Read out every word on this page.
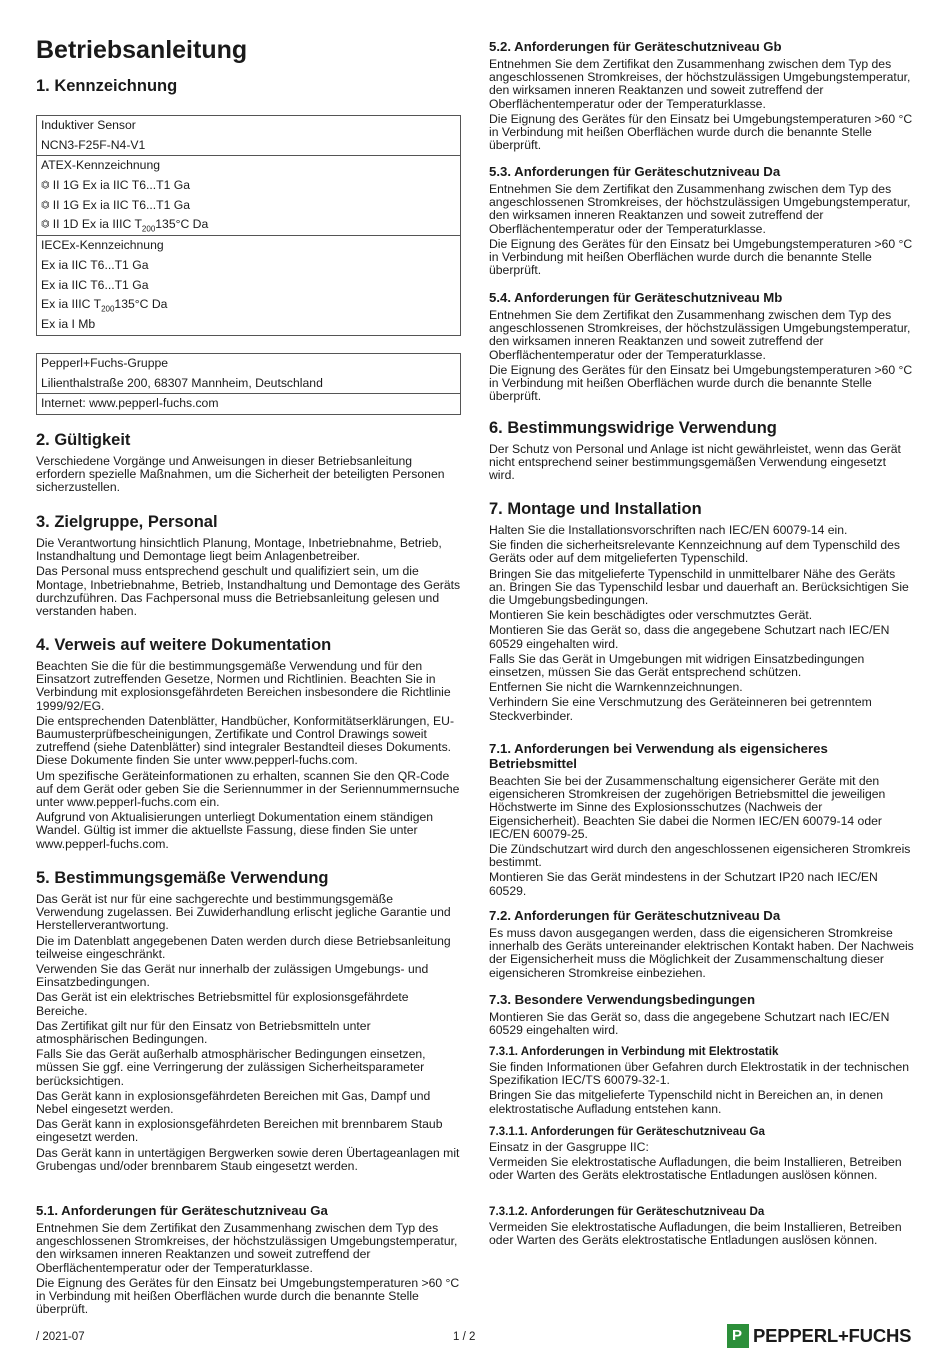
Betriebsanleitung
1. Kennzeichnung
Induktiver Sensor
NCN3-F25F-N4-V1
ATEX-Kennzeichnung
⏣ II 1G Ex ia IIC T6...T1 Ga
⏣ II 1G Ex ia IIC T6...T1 Ga
⏣ II 1D Ex ia IIIC $T_{200}135^\circ C$ Da
IECEx-Kennzeichnung
Ex ia IIC T6...T1 Ga
Ex ia IIC T6...T1 Ga
Ex ia IIIC $T_{200}135^\circ C$ Da
Ex ia I Mb
Pepperl+Fuchs-Gruppe
Lilienthalstraße 200, 68307 Mannheim, Deutschland
Internet: www.pepperl-fuchs.com
2. Gültigkeit

Verschiedene Vorgänge und Anweisungen in dieser Betriebsanleitung erfordern spezielle Maßnahmen, um die Sicherheit der beteiligten Personen sicherzustellen.

3. Zielgruppe, Personal

Die Verantwortung hinsichtlich Planung, Montage, Inbetriebnahme, Betrieb, Instandhaltung und Demontage liegt beim Anlagenbetreiber.

Das Personal muss entsprechend geschult und qualifiziert sein, um die Montage, Inbetriebnahme, Betrieb, Instandhaltung und Demontage des Geräts durchzuführen. Das Fachpersonal muss die Betriebsanleitung gelesen und verstanden haben.

4. Verweis auf weitere Dokumentation

Beachten Sie die für die bestimmungsgemäße Verwendung und für den Einsatzort zutreffenden Gesetze, Normen und Richtlinien. Beachten Sie in Verbindung mit explosionsgefährdeten Bereichen insbesondere die Richtlinie 1999/92/EG.

Die entsprechenden Datenblätter, Handbücher, Konformitätserklärungen, EU-Baumusterprüfbescheinigungen, Zertifikate und Control Drawings soweit zutreffend (siehe Datenblätter) sind integraler Bestandteil dieses Dokuments. Diese Dokumente finden Sie unter www.pepperl-fuchs.com.

Um spezifische Geräteinformationen zu erhalten, scannen Sie den QR-Code auf dem Gerät oder geben Sie die Seriennummer in der Seriennummernsuche unter www.pepperl-fuchs.com ein.

Aufgrund von Aktualisierungen unterliegt Dokumentation einem ständigen Wandel. Gültig ist immer die aktuellste Fassung, diese finden Sie unter www.pepperl-fuchs.com.

5. Bestimmungsgemäße Verwendung

Das Gerät ist nur für eine sachgerechte und bestimmungsgemäße Verwendung zugelassen. Bei Zuwiderhandlung erlischt jegliche Garantie und Herstellerverantwortung.

Die im Datenblatt angegebenen Daten werden durch diese Betriebsanleitung teilweise eingeschränkt.

Verwenden Sie das Gerät nur innerhalb der zulässigen Umgebungs- und Einsatzbedingungen.

Das Gerät ist ein elektrisches Betriebsmittel für explosionsgefährdete Bereiche.

Das Zertifikat gilt nur für den Einsatz von Betriebsmitteln unter atmosphärischen Bedingungen.

Falls Sie das Gerät außerhalb atmosphärischer Bedingungen einsetzen, müssen Sie ggf. eine Verringerung der zulässigen Sicherheitsparameter berücksichtigen.

Das Gerät kann in explosionsgefährdeten Bereichen mit Gas, Dampf und Nebel eingesetzt werden.

Das Gerät kann in explosionsgefährdeten Bereichen mit brennbarem Staub eingesetzt werden.

Das Gerät kann in untertägigen Bergwerken sowie deren Übertageanlagen mit Grubengas und/oder brennbarem Staub eingesetzt werden.

5.1. Anforderungen für Geräteschutzniveau Ga

Entnehmen Sie dem Zertifikat den Zusammenhang zwischen dem Typ des angeschlossenen Stromkreises, der höchstzulässigen Umgebungstemperatur, den wirksamen inneren Reaktanzen und soweit zutreffend der Oberflächentemperatur oder der Temperaturklasse.

Die Eignung des Gerätes für den Einsatz bei Umgebungstemperaturen >60 °C in Verbindung mit heißen Oberflächen wurde durch die benannte Stelle überprüft.

5.2. Anforderungen für Geräteschutzniveau Gb

Entnehmen Sie dem Zertifikat den Zusammenhang zwischen dem Typ des angeschlossenen Stromkreises, der höchstzulässigen Umgebungstemperatur, den wirksamen inneren Reaktanzen und soweit zutreffend der Oberflächentemperatur oder der Temperaturklasse.

Die Eignung des Gerätes für den Einsatz bei Umgebungstemperaturen >60 °C in Verbindung mit heißen Oberflächen wurde durch die benannte Stelle überprüft.

5.3. Anforderungen für Geräteschutzniveau Da

Entnehmen Sie dem Zertifikat den Zusammenhang zwischen dem Typ des angeschlossenen Stromkreises, der höchstzulässigen Umgebungstemperatur, den wirksamen inneren Reaktanzen und soweit zutreffend der Oberflächentemperatur oder der Temperaturklasse.

Die Eignung des Gerätes für den Einsatz bei Umgebungstemperaturen >60 °C in Verbindung mit heißen Oberflächen wurde durch die benannte Stelle überprüft.

5.4. Anforderungen für Geräteschutzniveau Mb

Entnehmen Sie dem Zertifikat den Zusammenhang zwischen dem Typ des angeschlossenen Stromkreises, der höchstzulässigen Umgebungstemperatur, den wirksamen inneren Reaktanzen und soweit zutreffend der Oberflächentemperatur oder der Temperaturklasse.

Die Eignung des Gerätes für den Einsatz bei Umgebungstemperaturen >60 °C in Verbindung mit heißen Oberflächen wurde durch die benannte Stelle überprüft.

6. Bestimmungswidrige Verwendung

Der Schutz von Personal und Anlage ist nicht gewährleistet, wenn das Gerät nicht entsprechend seiner bestimmungsgemäßen Verwendung eingesetzt wird.

7. Montage und Installation

Halten Sie die Installationsvorschriften nach IEC/EN 60079-14 ein.

Sie finden die sicherheitsrelevante Kennzeichnung auf dem Typenschild des Geräts oder auf dem mitgelieferten Typenschild.

Bringen Sie das mitgelieferte Typenschild in unmittelbarer Nähe des Geräts an. Bringen Sie das Typenschild lesbar und dauerhaft an. Berücksichtigen Sie die Umgebungsbedingungen.

Montieren Sie kein beschädigtes oder verschmutztes Gerät.

Montieren Sie das Gerät so, dass die angegebene Schutzart nach IEC/EN 60529 eingehalten wird.

Falls Sie das Gerät in Umgebungen mit widrigen Einsatzbedingungen einsetzen, müssen Sie das Gerät entsprechend schützen.

Entfernen Sie nicht die Warnkennzeichnungen.

Verhindern Sie eine Verschmutzung des Geräteinneren bei getrenntem Steckverbinder.

7.1. Anforderungen bei Verwendung als eigensicheres Betriebsmittel

Beachten Sie bei der Zusammenschaltung eigensicherer Geräte mit den eigensicheren Stromkreisen der zugehörigen Betriebsmittel die jeweiligen Höchstwerte im Sinne des Explosionsschutzes (Nachweis der Eigensicherheit). Beachten Sie dabei die Normen IEC/EN 60079-14 oder IEC/EN 60079-25.

Die Zündschutzart wird durch den angeschlossenen eigensicheren Stromkreis bestimmt.

Montieren Sie das Gerät mindestens in der Schutzart IP20 nach IEC/EN 60529.

7.2. Anforderungen für Geräteschutzniveau Da

Es muss davon ausgegangen werden, dass die eigensicheren Stromkreise innerhalb des Geräts untereinander elektrischen Kontakt haben. Der Nachweis der Eigensicherheit muss die Möglichkeit der Zusammenschaltung dieser eigensicheren Stromkreise einbeziehen.

7.3. Besondere Verwendungsbedingungen

Montieren Sie das Gerät so, dass die angegebene Schutzart nach IEC/EN 60529 eingehalten wird.

7.3.1. Anforderungen in Verbindung mit Elektrostatik

Sie finden Informationen über Gefahren durch Elektrostatik in der technischen Spezifikation IEC/TS 60079-32-1.

Bringen Sie das mitgelieferte Typenschild nicht in Bereichen an, in denen elektrostatische Aufladung entstehen kann.

7.3.1.1. Anforderungen für Geräteschutzniveau Ga

Einsatz in der Gasgruppe IIC:

Vermeiden Sie elektrostatische Aufladungen, die beim Installieren, Betreiben oder Warten des Geräts elektrostatische Entladungen auslösen können.

7.3.1.2. Anforderungen für Geräteschutzniveau Da

Vermeiden Sie elektrostatische Aufladungen, die beim Installieren, Betreiben oder Warten des Geräts elektrostatische Entladungen auslösen können.

/ 2021-07	1 / 2	P PEPPERL+FUCHS
